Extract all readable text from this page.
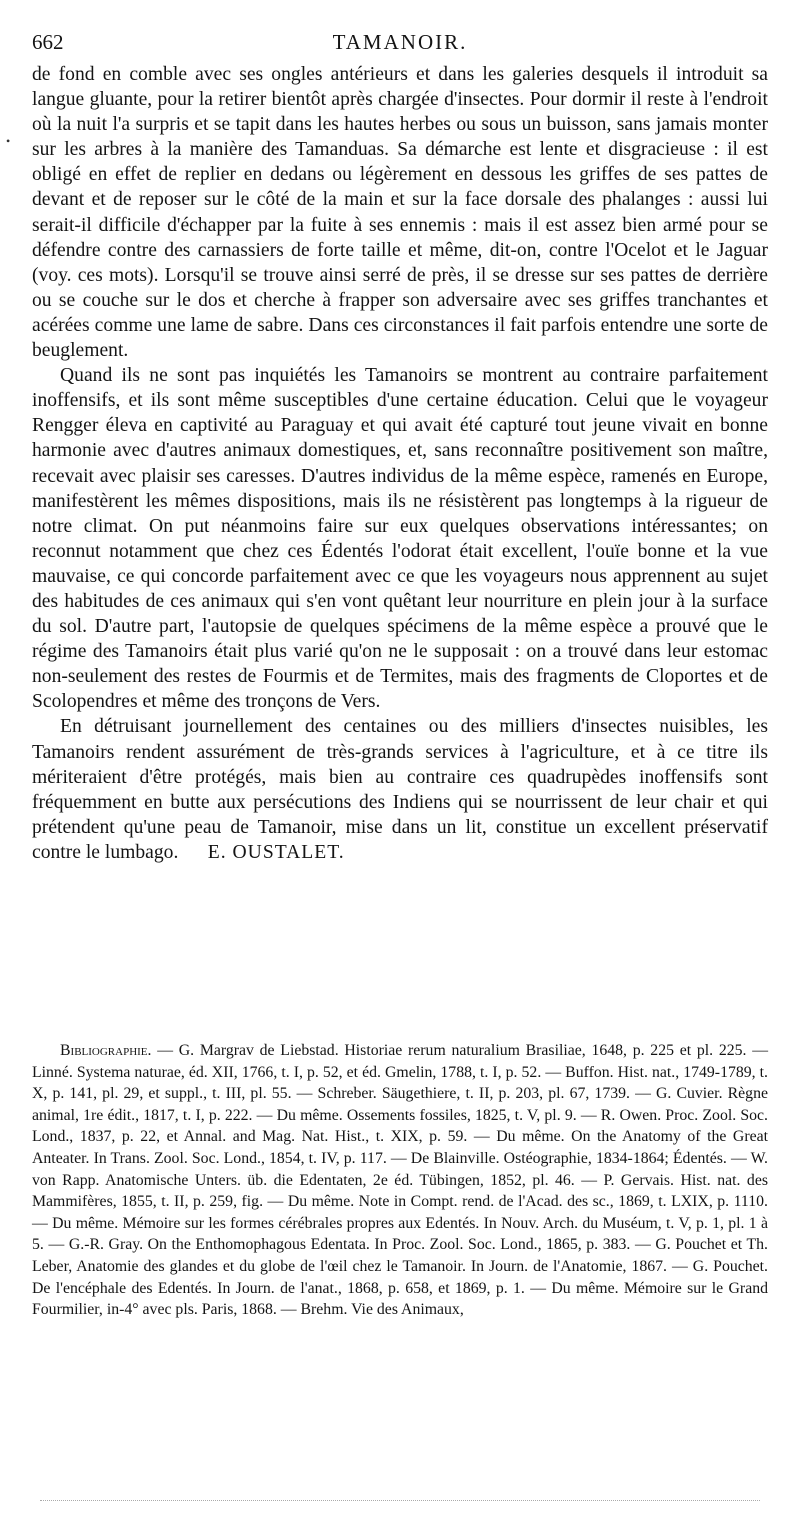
662	TAMANOIR.
•

de fond en comble avec ses ongles antérieurs et dans les galeries desquels il introduit sa langue gluante, pour la retirer bientôt après chargée d'insectes. Pour dormir il reste à l'endroit où la nuit l'a surpris et se tapit dans les hautes herbes ou sous un buisson, sans jamais monter sur les arbres à la manière des Tamanduas. Sa démarche est lente et disgracieuse : il est obligé en effet de replier en dedans ou légèrement en dessous les griffes de ses pattes de devant et de reposer sur le côté de la main et sur la face dorsale des phalanges : aussi lui serait-il difficile d'échapper par la fuite à ses ennemis : mais il est assez bien armé pour se défendre contre des carnassiers de forte taille et même, dit-on, contre l'Ocelot et le Jaguar (voy. ces mots). Lorsqu'il se trouve ainsi serré de près, il se dresse sur ses pattes de derrière ou se couche sur le dos et cherche à frapper son adversaire avec ses griffes tranchantes et acérées comme une lame de sabre. Dans ces circonstances il fait parfois entendre une sorte de beuglement.

Quand ils ne sont pas inquiétés les Tamanoirs se montrent au contraire parfaitement inoffensifs, et ils sont même susceptibles d'une certaine éducation. Celui que le voyageur Rengger éleva en captivité au Paraguay et qui avait été capturé tout jeune vivait en bonne harmonie avec d'autres animaux domestiques, et, sans reconnaître positivement son maître, recevait avec plaisir ses caresses. D'autres individus de la même espèce, ramenés en Europe, manifestèrent les mêmes dispositions, mais ils ne résistèrent pas longtemps à la rigueur de notre climat. On put néanmoins faire sur eux quelques observations intéressantes; on reconnut notamment que chez ces Édentés l'odorat était excellent, l'ouïe bonne et la vue mauvaise, ce qui concorde parfaitement avec ce que les voyageurs nous apprennent au sujet des habitudes de ces animaux qui s'en vont quêtant leur nourriture en plein jour à la surface du sol. D'autre part, l'autopsie de quelques spécimens de la même espèce a prouvé que le régime des Tamanoirs était plus varié qu'on ne le supposait : on a trouvé dans leur estomac non-seulement des restes de Fourmis et de Termites, mais des fragments de Cloportes et de Scolopendres et même des tronçons de Vers.

En détruisant journellement des centaines ou des milliers d'insectes nuisibles, les Tamanoirs rendent assurément de très-grands services à l'agriculture, et à ce titre ils mériteraient d'être protégés, mais bien au contraire ces quadrupèdes inoffensifs sont fréquemment en butte aux persécutions des Indiens qui se nourrissent de leur chair et qui prétendent qu'une peau de Tamanoir, mise dans un lit, constitue un excellent préservatif contre le lumbago. E. OUSTALET.

Bibliographie. — G. Margrav de Liebstad. Historiae rerum naturalium Brasiliae, 1648, p. 225 et pl. 225. — Linné. Systema naturae, éd. XII, 1766, t. I, p. 52, et éd. Gmelin, 1788, t. I, p. 52. — Buffon. Hist. nat., 1749-1789, t. X, p. 141, pl. 29, et suppl., t. III, pl. 55. — Schreber. Säugethiere, t. II, p. 203, pl. 67, 1739. — G. Cuvier. Règne animal, 1re édit., 1817, t. I, p. 222. — Du même. Ossements fossiles, 1825, t. V, pl. 9. — R. Owen. Proc. Zool. Soc. Lond., 1837, p. 22, et Annal. and Mag. Nat. Hist., t. XIX, p. 59. — Du même. On the Anatomy of the Great Anteater. In Trans. Zool. Soc. Lond., 1854, t. IV, p. 117. — De Blainville. Ostéographie, 1834-1864; Édentés. — W. von Rapp. Anatomische Unters. üb. die Edentaten, 2e éd. Tübingen, 1852, pl. 46. — P. Gervais. Hist. nat. des Mammifères, 1855, t. II, p. 259, fig. — Du même. Note in Compt. rend. de l'Acad. des sc., 1869, t. LXIX, p. 1110. — Du même. Mémoire sur les formes cérébrales propres aux Edentés. In Nouv. Arch. du Muséum, t. V, p. 1, pl. 1 à 5. — G.-R. Gray. On the Enthomophagous Edentata. In Proc. Zool. Soc. Lond., 1865, p. 383. — G. Pouchet et Th. Leber, Anatomie des glandes et du globe de l'œil chez le Tamanoir. In Journ. de l'Anatomie, 1867. — G. Pouchet. De l'encéphale des Edentés. In Journ. de l'anat., 1868, p. 658, et 1869, p. 1. — Du même. Mémoire sur le Grand Fourmilier, in-4° avec pls. Paris, 1868. — Brehm. Vie des Animaux,
